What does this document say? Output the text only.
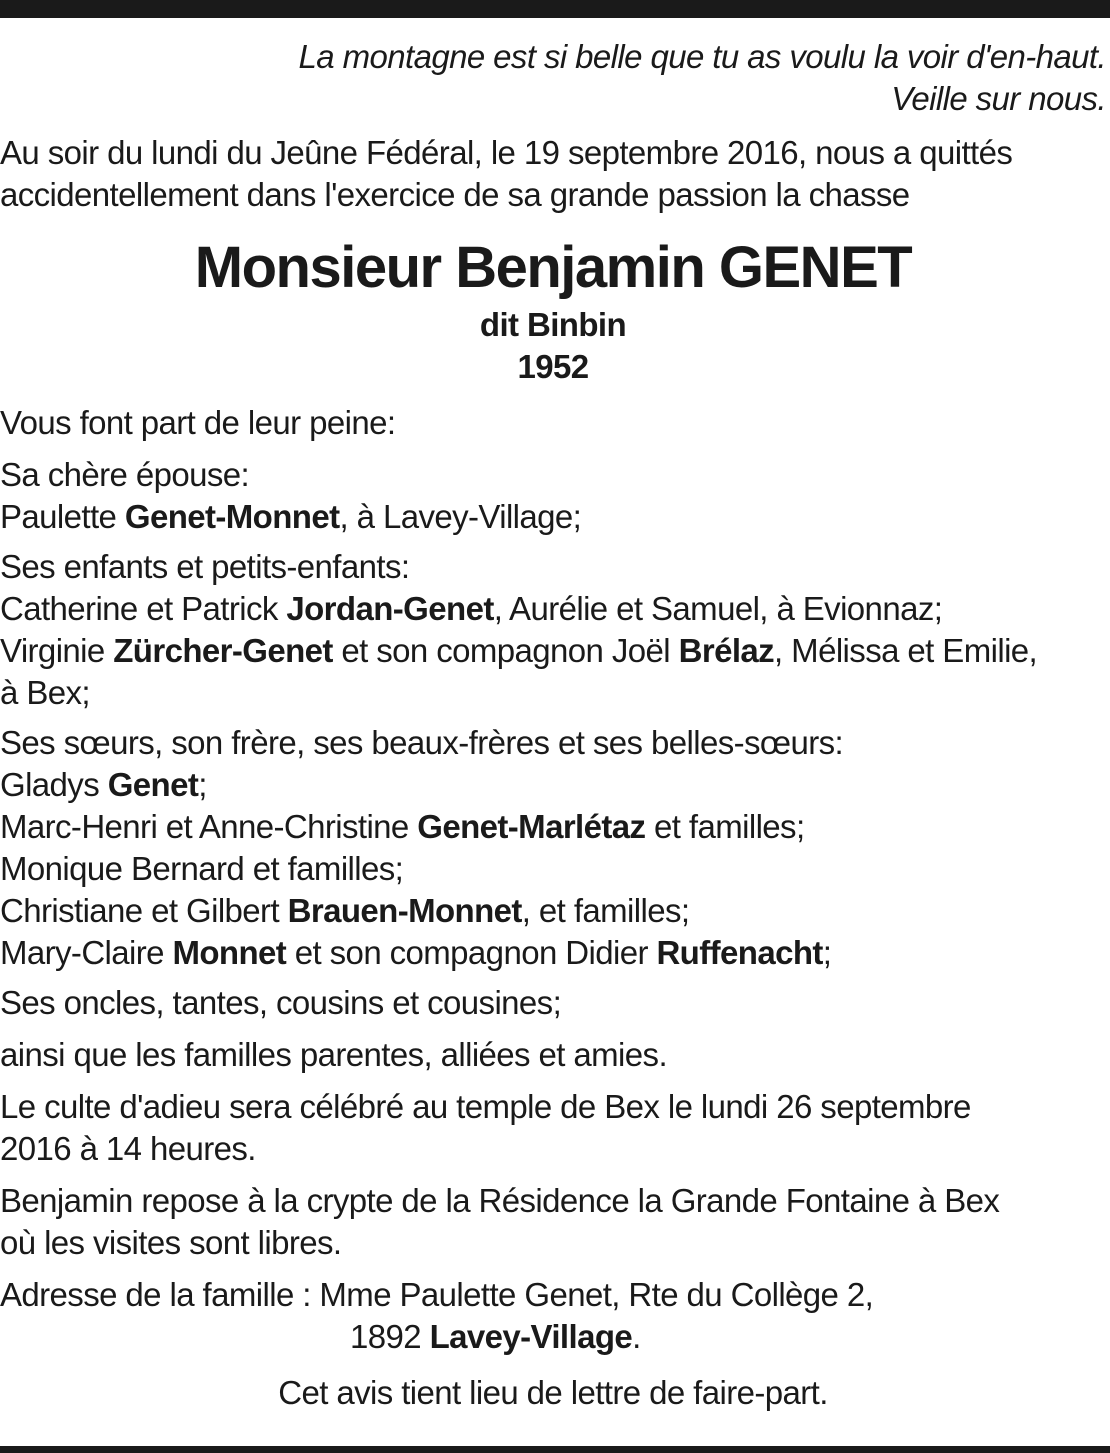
La montagne est si belle que tu as voulu la voir d'en-haut.
Veille sur nous.
Au soir du lundi du Jeûne Fédéral, le 19 septembre 2016, nous a quittés
accidentellement dans l'exercice de sa grande passion la chasse
Monsieur Benjamin GENET
dit Binbin
1952
Vous font part de leur peine:
Sa chère épouse:
Paulette Genet-Monnet, à Lavey-Village;
Ses enfants et petits-enfants:
Catherine et Patrick Jordan-Genet, Aurélie et Samuel, à Evionnaz;
Virginie Zürcher-Genet et son compagnon Joël Brélaz, Mélissa et Emilie,
à Bex;
Ses sœurs, son frère, ses beaux-frères et ses belles-sœurs:
Gladys Genet;
Marc-Henri et Anne-Christine Genet-Marlétaz et familles;
Monique Bernard et familles;
Christiane et Gilbert Brauen-Monnet, et familles;
Mary-Claire Monnet et son compagnon Didier Ruffenacht;
Ses oncles, tantes, cousins et cousines;
ainsi que les familles parentes, alliées et amies.
Le culte d'adieu sera célébré au temple de Bex le lundi 26 septembre
2016 à 14 heures.
Benjamin repose à la crypte de la Résidence la Grande Fontaine à Bex
où les visites sont libres.
Adresse de la famille : Mme Paulette Genet, Rte du Collège 2,
1892 Lavey-Village.
Cet avis tient lieu de lettre de faire-part.
